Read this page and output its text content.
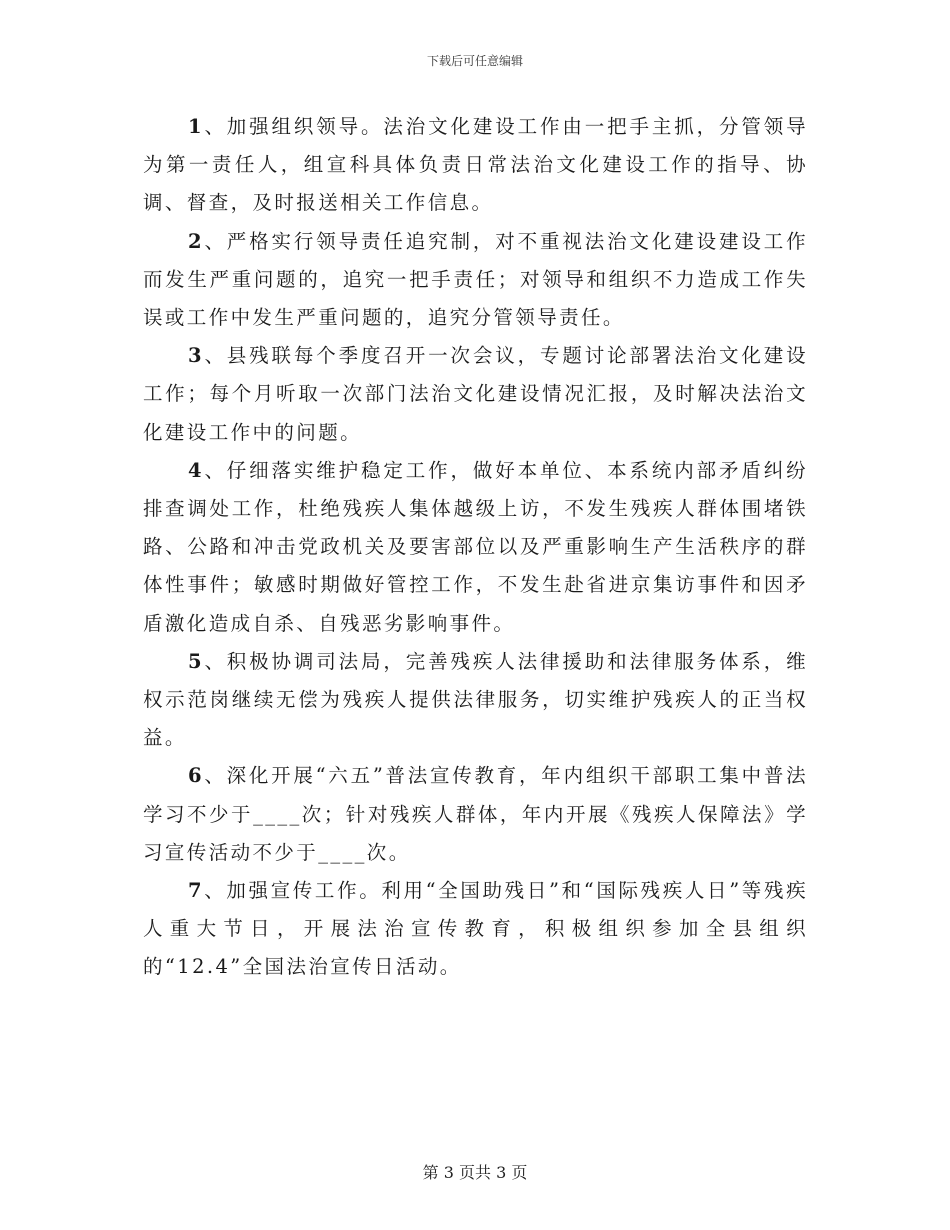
下载后可任意编辑

1、加强组织领导。法治文化建设工作由一把手主抓，分管领导为第一责任人，组宣科具体负责日常法治文化建设工作的指导、协调、督查，及时报送相关工作信息。

2、严格实行领导责任追究制，对不重视法治文化建设建设工作而发生严重问题的，追究一把手责任；对领导和组织不力造成工作失误或工作中发生严重问题的，追究分管领导责任。

3、县残联每个季度召开一次会议，专题讨论部署法治文化建设工作；每个月听取一次部门法治文化建设情况汇报，及时解决法治文化建设工作中的问题。

4、仔细落实维护稳定工作，做好本单位、本系统内部矛盾纠纷排查调处工作，杜绝残疾人集体越级上访，不发生残疾人群体围堵铁路、公路和冲击党政机关及要害部位以及严重影响生产生活秩序的群体性事件；敏感时期做好管控工作，不发生赴省进京集访事件和因矛盾激化造成自杀、自残恶劣影响事件。

5、积极协调司法局，完善残疾人法律援助和法律服务体系，维权示范岗继续无偿为残疾人提供法律服务，切实维护残疾人的正当权益。

6、深化开展“六五”普法宣传教育，年内组织干部职工集中普法学习不少于____次；针对残疾人群体，年内开展《残疾人保障法》学习宣传活动不少于____次。

7、加强宣传工作。利用“全国助残日”和“国际残疾人日”等残疾人重大节日，开展法治宣传教育，积极组织参加全县组织的“12.4”全国法治宣传日活动。

第 3 页共 3 页
